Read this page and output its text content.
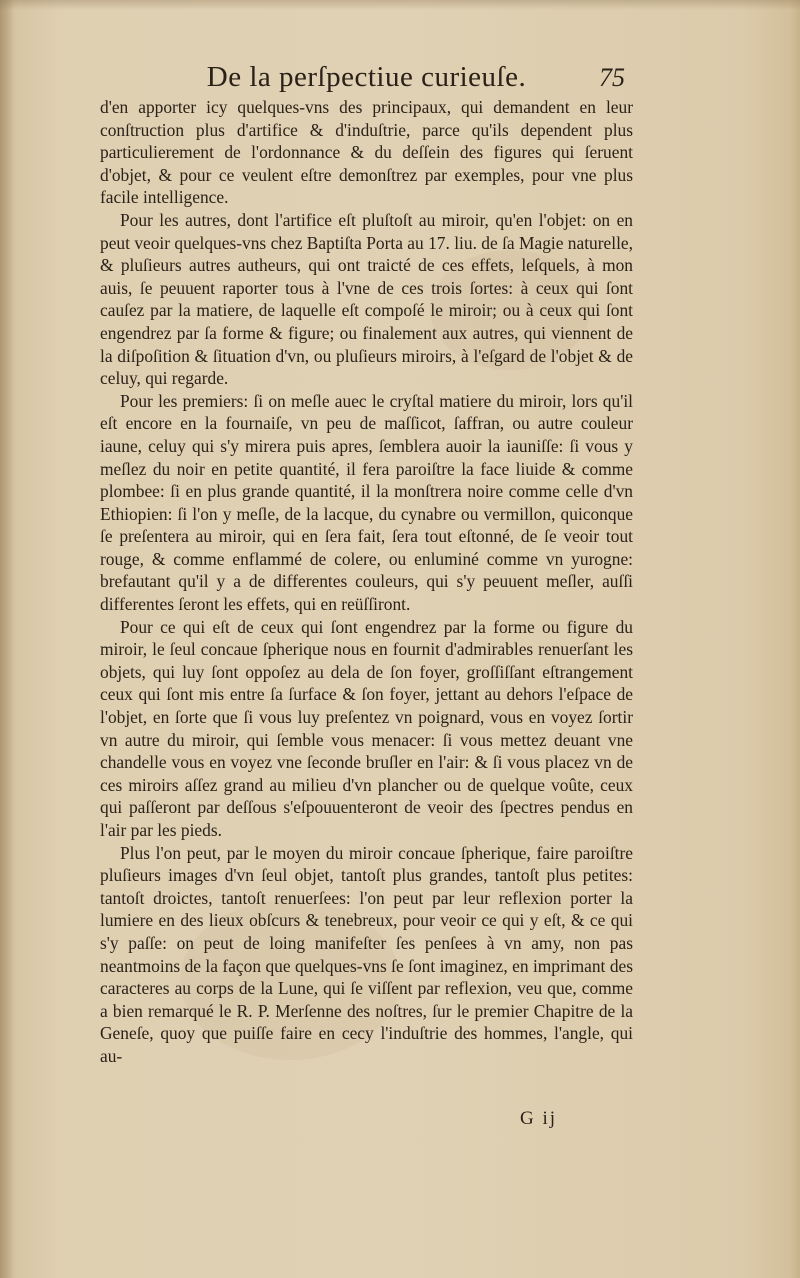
De la perſpectiue curieuſe.	75

d'en apporter icy quelques-vns des principaux, qui demandent en leur conſtruction plus d'artifice & d'induſtrie, parce qu'ils dependent plus particulierement de l'ordonnance & du deſſein des figures qui ſeruent d'objet, & pour ce veulent eſtre demonſtrez par exemples, pour vne plus facile intelligence.

Pour les autres, dont l'artifice eſt pluſtoſt au miroir, qu'en l'objet: on en peut veoir quelques-vns chez Baptiſta Porta au 17. liu. de ſa Magie naturelle, & pluſieurs autres autheurs, qui ont traicté de ces effets, leſquels, à mon auis, ſe peuuent raporter tous à l'vne de ces trois ſortes: à ceux qui ſont cauſez par la matiere, de laquelle eſt compoſé le miroir; ou à ceux qui ſont engendrez par ſa forme & figure; ou finalement aux autres, qui viennent de la diſpoſition & ſituation d'vn, ou pluſieurs miroirs, à l'eſgard de l'objet & de celuy, qui regarde.

Pour les premiers: ſi on meſle auec le cryſtal matiere du miroir, lors qu'il eſt encore en la fournaiſe, vn peu de maſſicot, ſaffran, ou autre couleur iaune, celuy qui s'y mirera puis apres, ſemblera auoir la iauniſſe: ſi vous y meſlez du noir en petite quantité, il fera paroiſtre la face liuide & comme plombee: ſi en plus grande quantité, il la monſtrera noire comme celle d'vn Ethiopien: ſi l'on y meſle, de la lacque, du cynabre ou vermillon, quiconque ſe preſentera au miroir, qui en ſera fait, ſera tout eſtonné, de ſe veoir tout rouge, & comme enflammé de colere, ou enluminé comme vn yurogne: brefautant qu'il y a de differentes couleurs, qui s'y peuuent meſler, auſſi differentes ſeront les effets, qui en reüſſiront.

Pour ce qui eſt de ceux qui ſont engendrez par la forme ou figure du miroir, le ſeul concaue ſpherique nous en fournit d'admirables renuerſant les objets, qui luy ſont oppoſez au dela de ſon foyer, groſſiſſant eſtrangement ceux qui ſont mis entre ſa ſurface & ſon foyer, jettant au dehors l'eſpace de l'objet, en ſorte que ſi vous luy preſentez vn poignard, vous en voyez ſortir vn autre du miroir, qui ſemble vous menacer: ſi vous mettez deuant vne chandelle vous en voyez vne ſeconde bruſler en l'air: & ſi vous placez vn de ces miroirs aſſez grand au milieu d'vn plancher ou de quelque voûte, ceux qui paſſeront par deſſous s'eſpouuenteront de veoir des ſpectres pendus en l'air par les pieds.

Plus l'on peut, par le moyen du miroir concaue ſpherique, faire paroiſtre pluſieurs images d'vn ſeul objet, tantoſt plus grandes, tantoſt plus petites: tantoſt droictes, tantoſt renuerſees: l'on peut par leur reflexion porter la lumiere en des lieux obſcurs & tenebreux, pour veoir ce qui y eſt, & ce qui s'y paſſe: on peut de loing manifeſter ſes penſees à vn amy, non pas neantmoins de la façon que quelques-vns ſe ſont imaginez, en imprimant des caracteres au corps de la Lune, qui ſe viſſent par reflexion, veu que, comme a bien remarqué le R. P. Merſenne des noſtres, ſur le premier Chapitre de la Geneſe, quoy que puiſſe faire en cecy l'induſtrie des hommes, l'angle, qui au-

G ij
